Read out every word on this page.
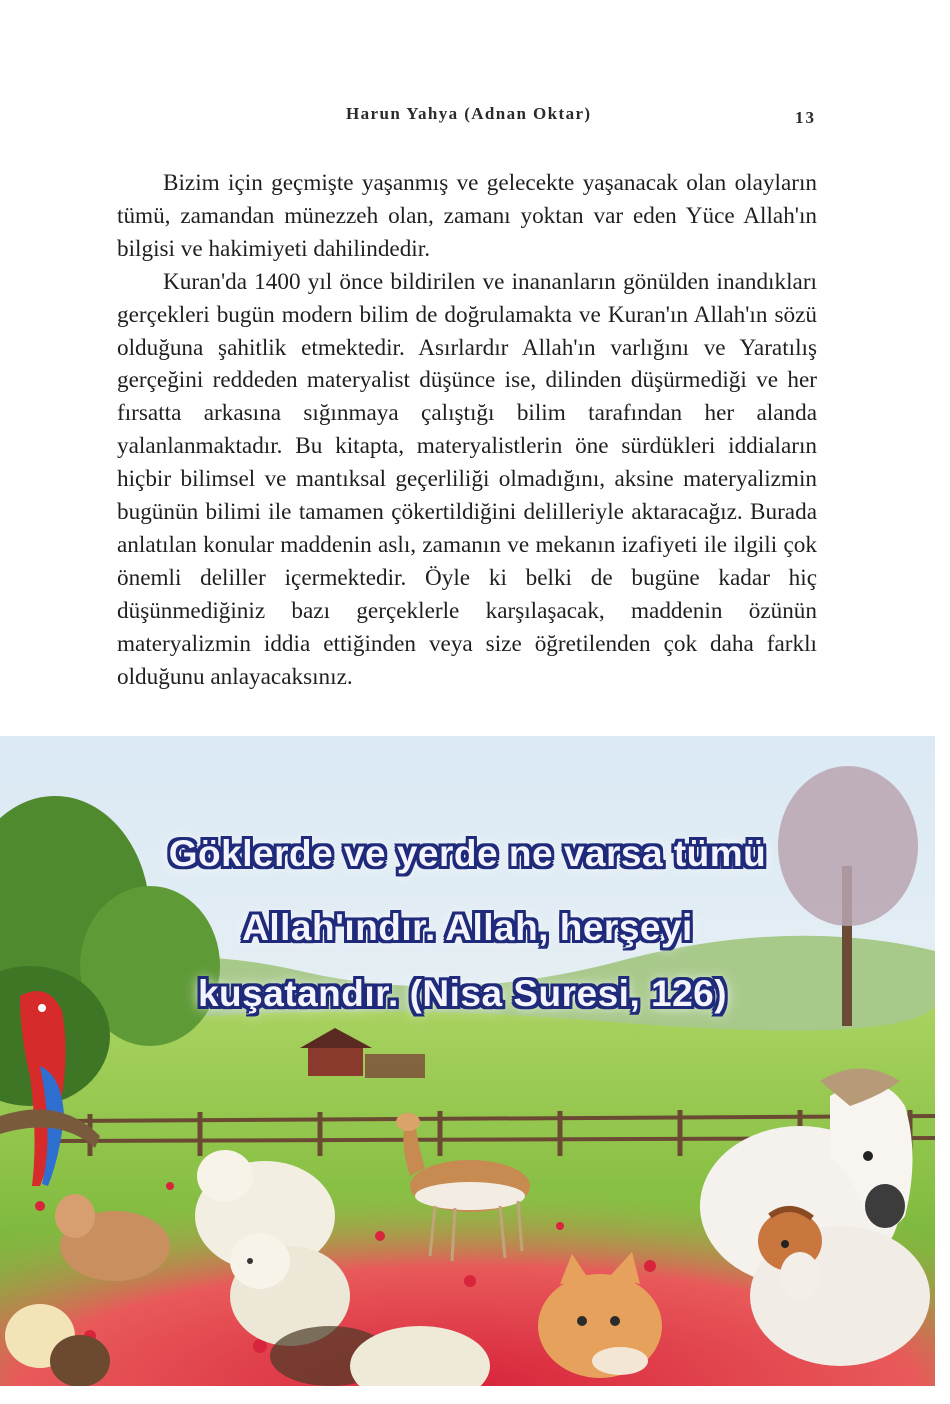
Harun Yahya (Adnan Oktar)	13

Bizim için geçmişte yaşanmış ve gelecekte yaşanacak olan olayların tümü, zamandan münezzeh olan, zamanı yoktan var eden Yüce Allah'ın bilgisi ve hakimiyeti dahilindedir.

Kuran'da 1400 yıl önce bildirilen ve inananların gönülden inandıkları gerçekleri bugün modern bilim de doğrulamakta ve Kuran'ın Allah'ın sözü olduğuna şahitlik etmektedir. Asırlardır Allah'ın varlığını ve Yaratılış gerçeğini reddeden materyalist düşünce ise, dilinden düşürmediği ve her fırsatta arkasına sığınmaya çalıştığı bilim tarafından her alanda yalanlanmaktadır. Bu kitapta, materyalistlerin öne sürdükleri iddiaların hiçbir bilimsel ve mantıksal geçerliliği olmadığını, aksine materyalizmin bugünün bilimi ile tamamen çökertildiğini delilleriyle aktaracağız. Burada anlatılan konular maddenin aslı, zamanın ve mekanın izafiyeti ile ilgili çok önemli deliller içermektedir. Öyle ki belki de bugüne kadar hiç düşünmediğiniz bazı gerçeklerle karşılaşacak, maddenin özünün materyalizmin iddia ettiğinden veya size öğretilenden çok daha farklı olduğunu anlayacaksınız.

Göklerde ve yerde ne varsa tümü
Allah'ındır. Allah, herşeyi
kuşatandır. (Nisa Suresi, 126)
